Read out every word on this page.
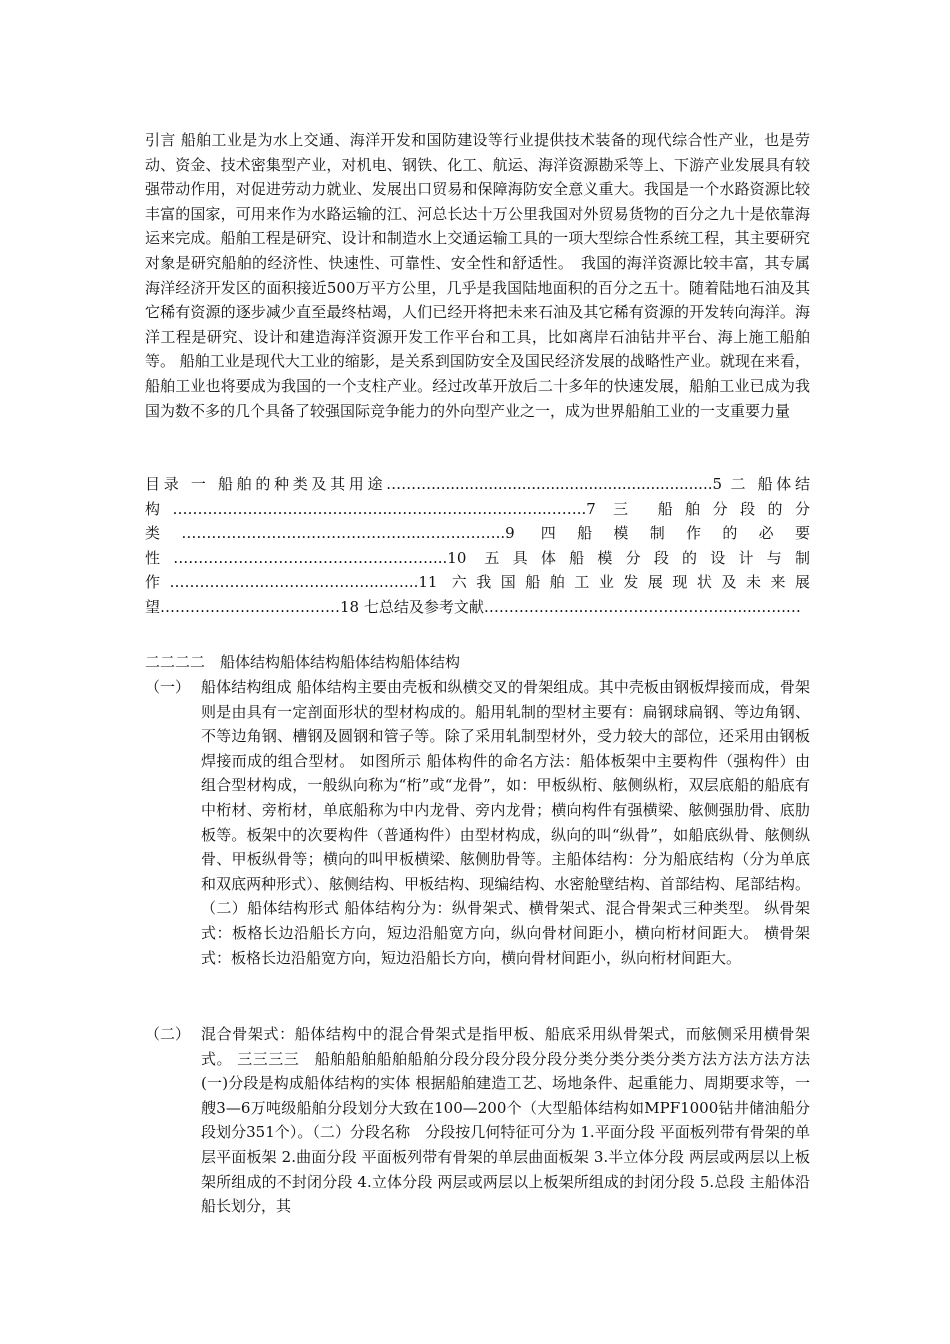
引言 船舶工业是为水上交通、海洋开发和国防建设等行业提供技术装备的现代综合性产业，也是劳动、资金、技术密集型产业，对机电、钢铁、化工、航运、海洋资源勘采等上、下游产业发展具有较强带动作用，对促进劳动力就业、发展出口贸易和保障海防安全意义重大。我国是一个水路资源比较丰富的国家，可用来作为水路运输的江、河总长达十万公里我国对外贸易货物的百分之九十是依靠海运来完成。船舶工程是研究、设计和制造水上交通运输工具的一项大型综合性系统工程，其主要研究对象是研究船舶的经济性、快速性、可靠性、安全性和舒适性。　我国的海洋资源比较丰富，其专属海洋经济开发区的面积接近500万平方公里，几乎是我国陆地面积的百分之五十。随着陆地石油及其它稀有资源的逐步减少直至最终枯竭，人们已经开将把未来石油及其它稀有资源的开发转向海洋。海洋工程是研究、设计和建造海洋资源开发工作平台和工具，比如离岸石油钻井平台、海上施工船舶等。 船舶工业是现代大工业的缩影，是关系到国防安全及国民经济发展的战略性产业。就现在来看，船舶工业也将要成为我国的一个支柱产业。经过改革开放后二十多年的快速发展，船舶工业已成为我国为数不多的几个具备了较强国际竞争能力的外向型产业之一，成为世界船舶工业的一支重要力量

目录 一 船舶的种类及其用途………...........................................................5 二 船体结构…………………………………….…………………………..……..7 三 船舶分段的分类…………………….…………………..……………..9 四船模制作的必要性……………………….……………………...10 五具体船模分段的设计与制作……………….…………………..……..11 六我国船舶工业发展现状及未来展望………………………………18 七总结及参考文献………………..……………………….........…..…

二二二二　船体结构船体结构船体结构船体结构

（一） 船体结构组成 船体结构主要由壳板和纵横交叉的骨架组成。其中壳板由钢板焊接而成，骨架则是由具有一定剖面形状的型材构成的。船用轧制的型材主要有：扁钢球扁钢、等边角钢、不等边角钢、槽钢及圆钢和管子等。除了采用轧制型材外，受力较大的部位，还采用由钢板焊接而成的组合型材。 如图所示 船体构件的命名方法：船体板架中主要构件（强构件）由组合型材构成，一般纵向称为“桁”或“龙骨”，如：甲板纵桁、舷侧纵桁，双层底船的船底有中桁材、旁桁材，单底船称为中内龙骨、旁内龙骨；横向构件有强横梁、舷侧强肋骨、底肋板等。板架中的次要构件（普通构件）由型材构成，纵向的叫“纵骨”，如船底纵骨、舷侧纵骨、甲板纵骨等；横向的叫甲板横梁、舷侧肋骨等。主船体结构：分为船底结构（分为单底和双底两种形式）、舷侧结构、甲板结构、现编结构、水密舱壁结构、首部结构、尾部结构。 （二）船体结构形式 船体结构分为：纵骨架式、横骨架式、混合骨架式三种类型。 纵骨架式：板格长边沿船长方向，短边沿船宽方向，纵向骨材间距小，横向桁材间距大。 横骨架式：板格长边沿船宽方向，短边沿船长方向，横向骨材间距小，纵向桁材间距大。
（二） 混合骨架式：船体结构中的混合骨架式是指甲板、船底采用纵骨架式，而舷侧采用横骨架式。 三三三三　船舶船舶船舶船舶分段分段分段分段分类分类分类分类方法方法方法方法　(一)分段是构成船体结构的实体 根据船舶建造工艺、场地条件、起重能力、周期要求等，一艘3—6万吨级船舶分段划分大致在100—200个（大型船体结构如MPF1000钻井储油船分段划分351个）。（二）分段名称　分段按几何特征可分为 1.平面分段 平面板列带有骨架的单层平面板架 2.曲面分段 平面板列带有骨架的单层曲面板架 3.半立体分段 两层或两层以上板架所组成的不封闭分段 4.立体分段 两层或两层以上板架所组成的封闭分段 5.总段 主船体沿船长划分，其
